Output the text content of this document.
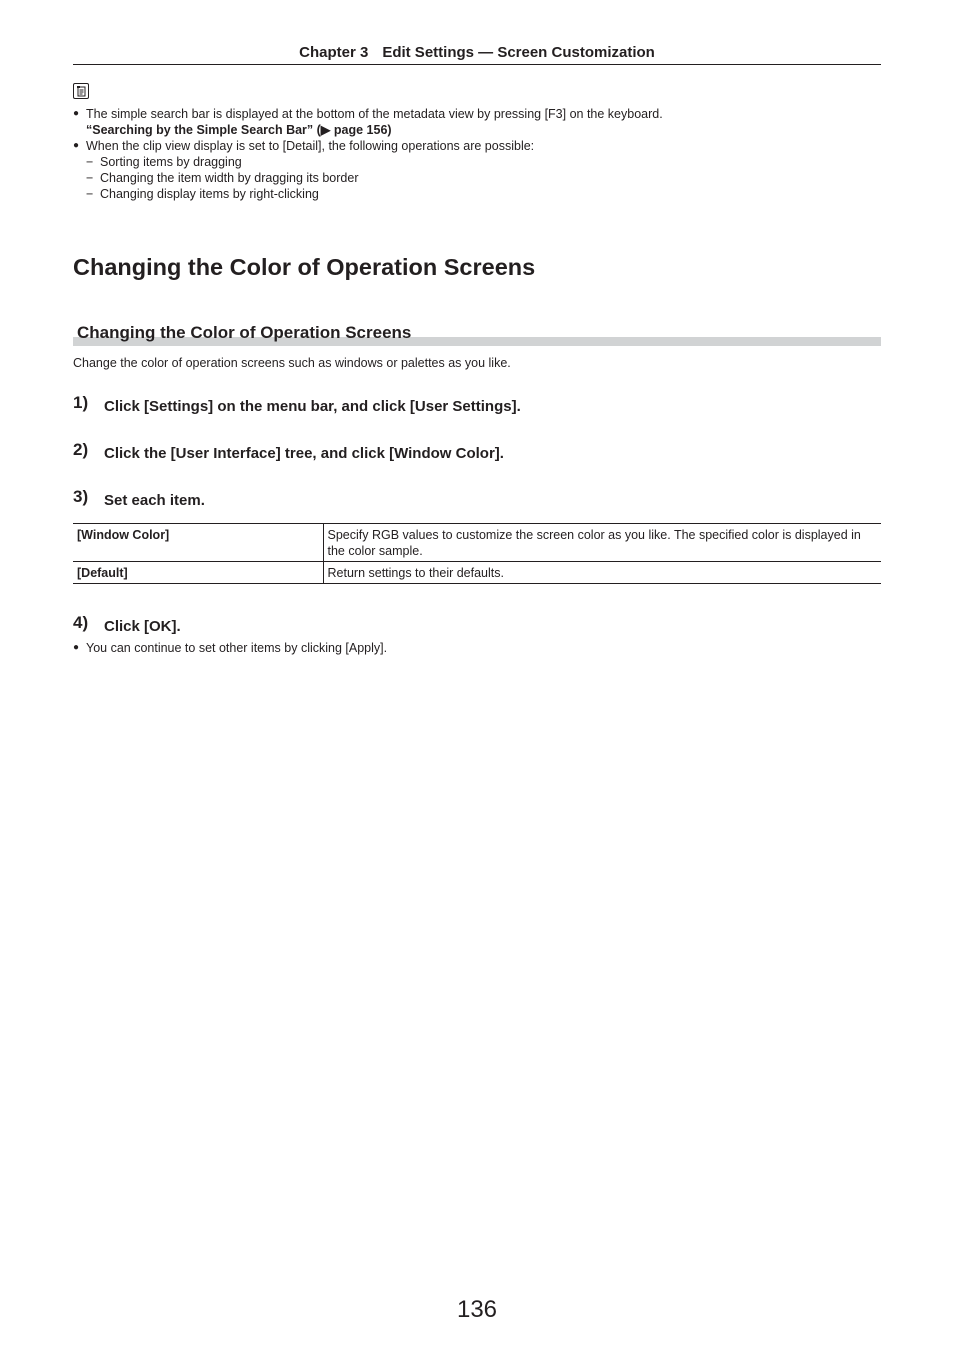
Chapter 3 Edit Settings — Screen Customization
● The simple search bar is displayed at the bottom of the metadata view by pressing [F3] on the keyboard.
“Searching by the Simple Search Bar” (▶ page 156)
● When the clip view display is set to [Detail], the following operations are possible:
− Sorting items by dragging
− Changing the item width by dragging its border
− Changing display items by right-clicking
Changing the Color of Operation Screens
Changing the Color of Operation Screens
Change the color of operation screens such as windows or palettes as you like.
1) Click [Settings] on the menu bar, and click [User Settings].
2) Click the [User Interface] tree, and click [Window Color].
3) Set each item.
[Window Color]	Specify RGB values to customize the screen color as you like. The specified color is displayed in the color sample.
[Default]	Return settings to their defaults.
4) Click [OK].
● You can continue to set other items by clicking [Apply].
136
